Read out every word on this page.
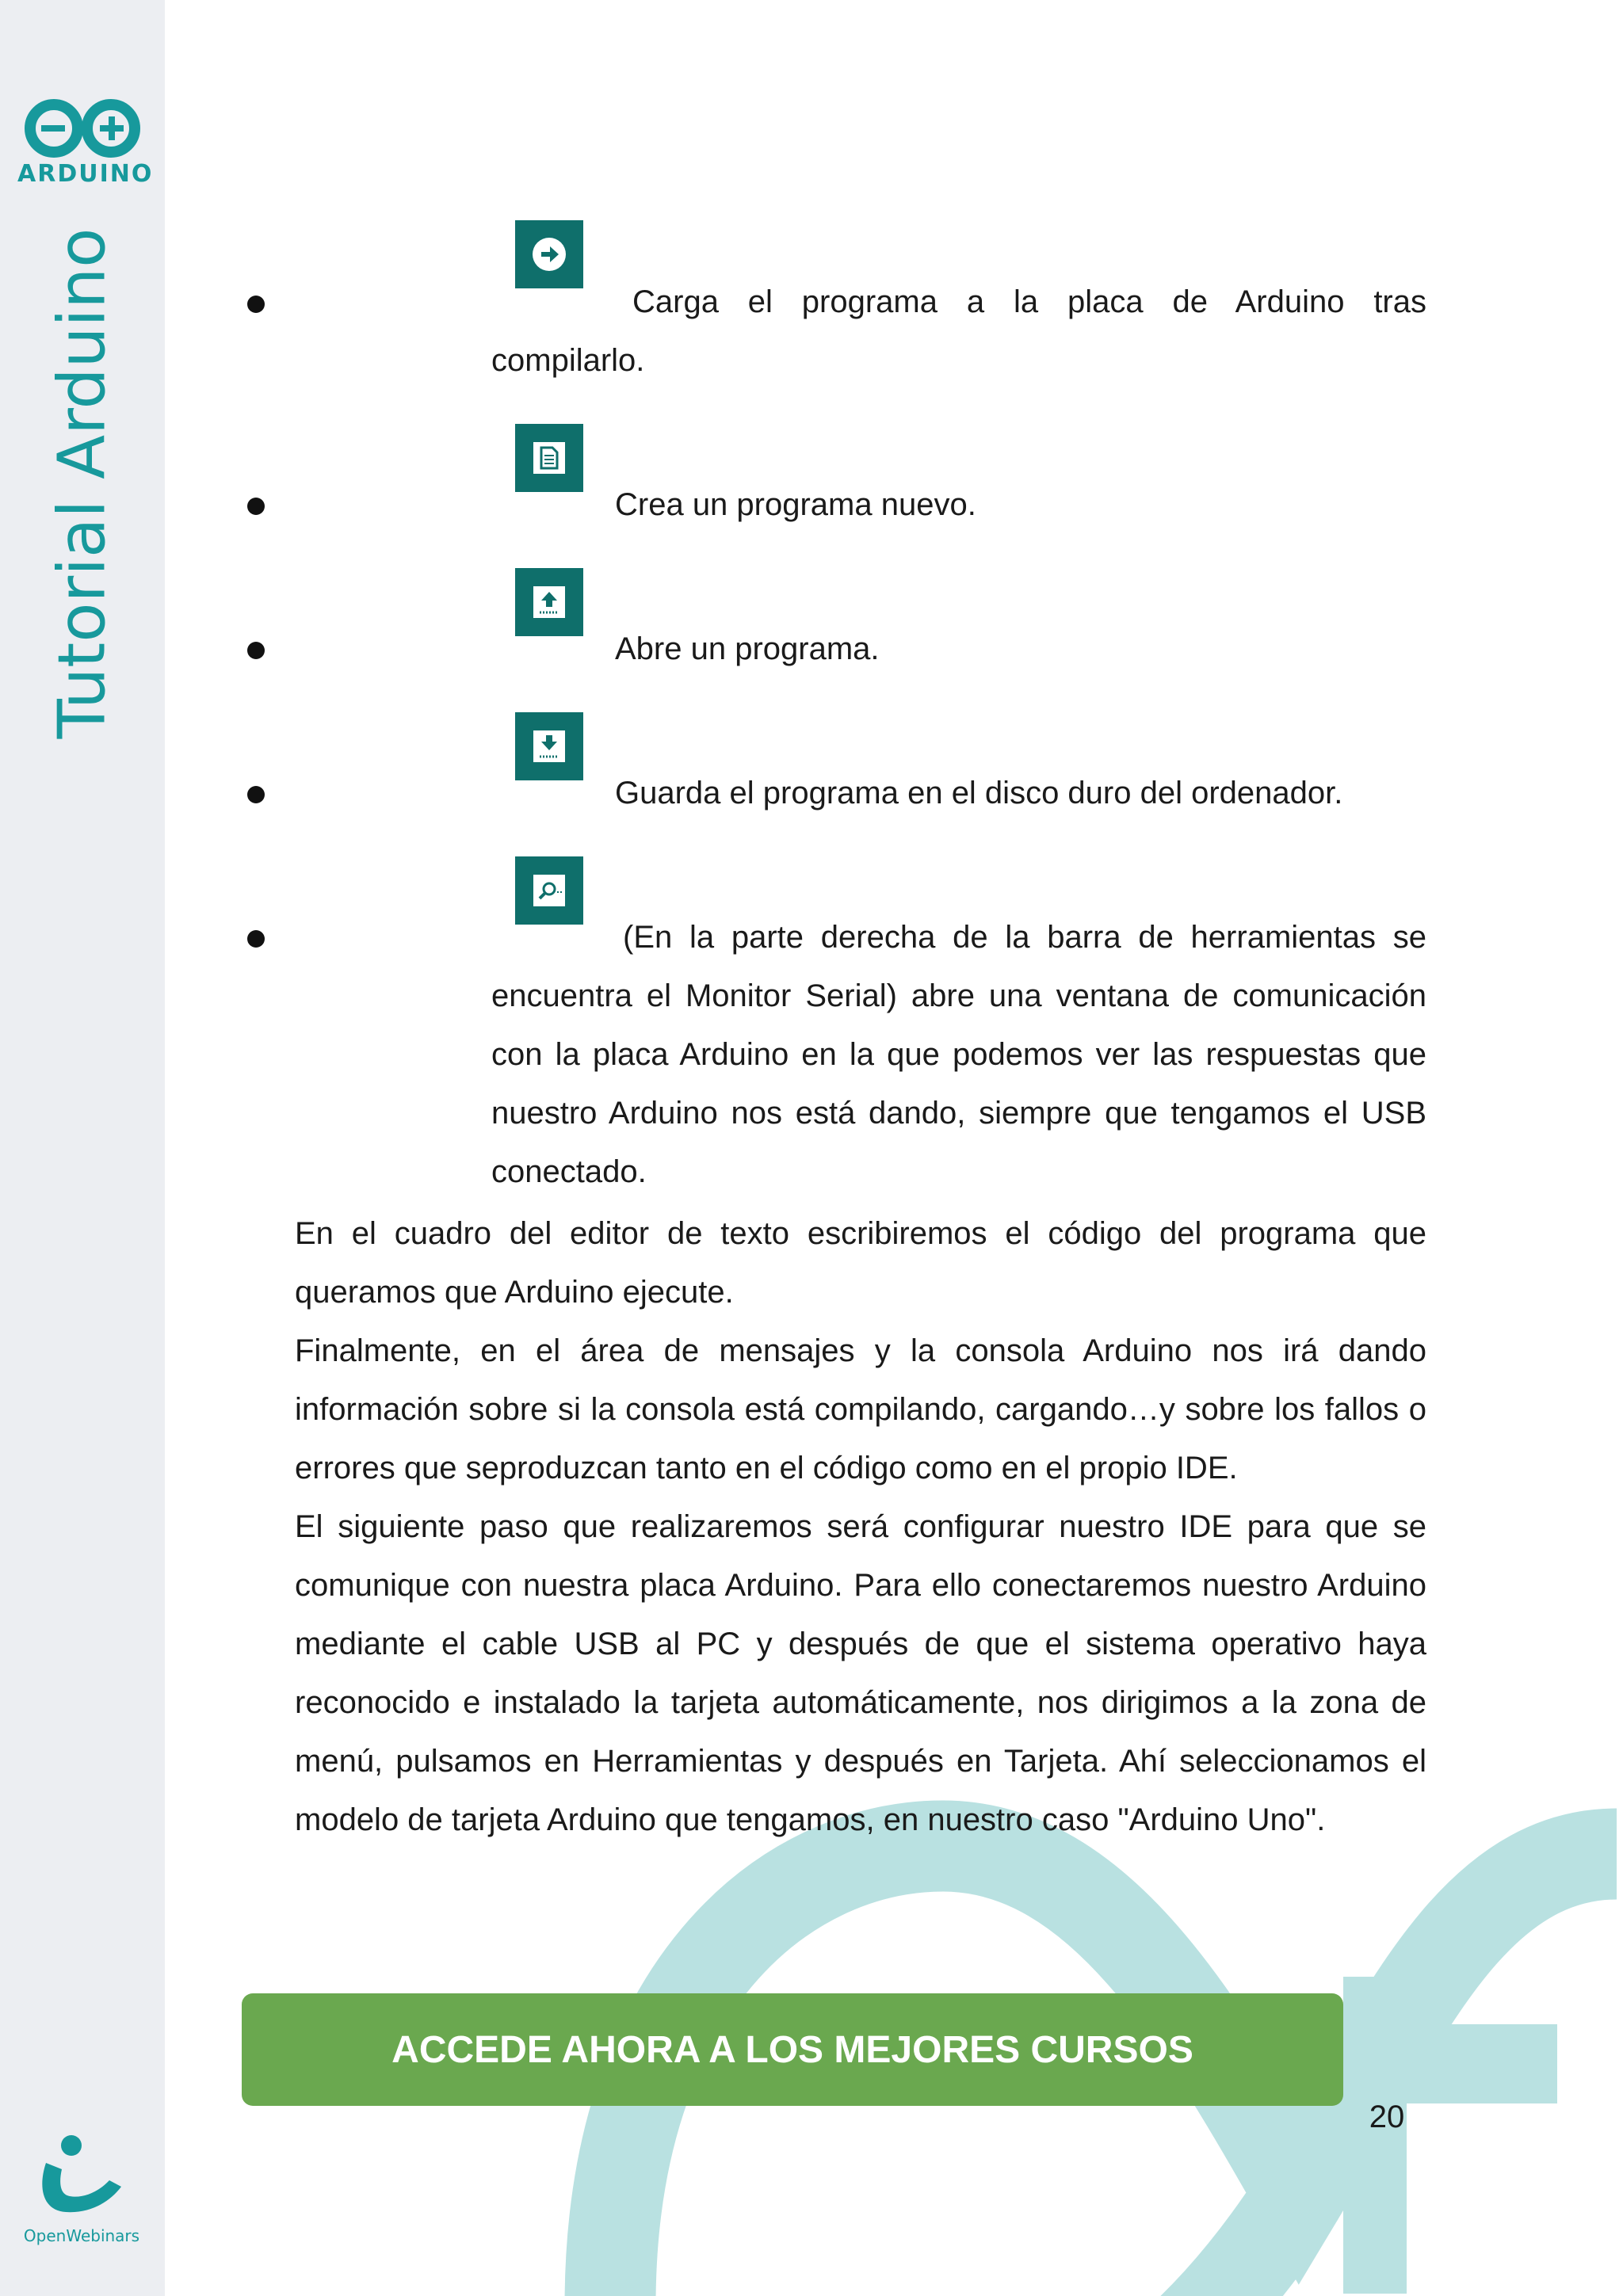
ARDUINO
Tutorial Arduino
OpenWebinars
Carga el programa a la placa de Arduino tras
compilarlo.
Crea un programa nuevo.
Abre un programa.
Guarda el programa en el disco duro del ordenador.
(En la parte derecha de la barra de herramientas se
encuentra el Monitor Serial) abre una ventana de comunicación con la placa Arduino en la que podemos ver las respuestas que nuestro Arduino nos está dando, siempre que tengamos el USB conectado.

En el cuadro del editor de texto escribiremos el código del programa que queramos que Arduino ejecute.

Finalmente, en el área de mensajes y la consola Arduino nos irá dando información sobre si la consola está compilando, cargando…y sobre los fallos o errores que seproduzcan tanto en el código como en el propio IDE.

El siguiente paso que realizaremos será configurar nuestro IDE para que se comunique con nuestra placa Arduino. Para ello conectaremos nuestro Arduino mediante el cable USB al PC y después de que el sistema operativo haya reconocido e instalado la tarjeta automáticamente, nos dirigimos a la zona de menú, pulsamos en Herramientas y después en Tarjeta. Ahí seleccionamos el modelo de tarjeta Arduino que tengamos, en nuestro caso "Arduino Uno".

ACCEDE AHORA A LOS MEJORES CURSOS
20
